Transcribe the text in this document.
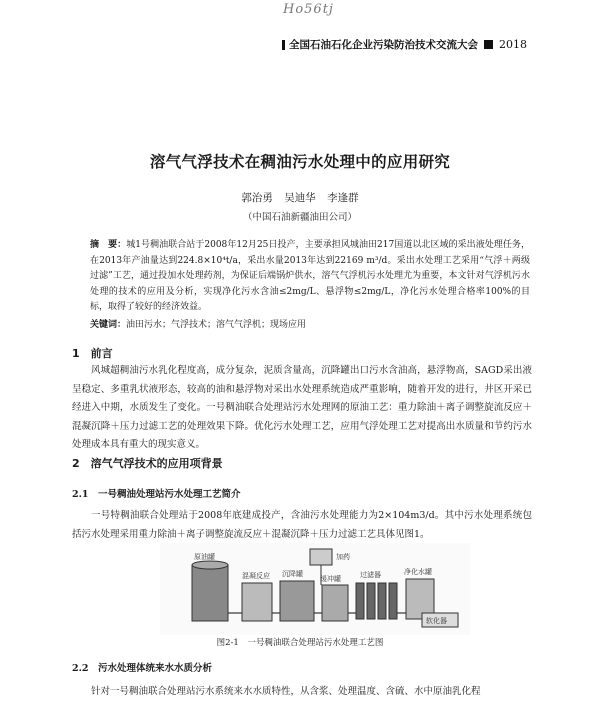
Ho56tj
全国石油石化企业污染防治技术交流大会 2018
溶气气浮技术在稠油污水处理中的应用研究
郭治勇 吴迪华 李逢群
（中国石油新疆油田公司）
摘　要：城1号稠油联合站于2008年12月25日投产，主要承担风城油田217国道以北区域的采出液处理任务，在2013年产油量达到224.8×10⁴t/a，采出水量2013年达到22169 m³/d。采出水处理工艺采用“气浮＋两级过滤”工艺，通过投加水处理药剂，为保证后端锅炉供水，溶气气浮机污水处理尤为重要，本文针对气浮机污水处理的技术的应用及分析，实现净化污水含油≤2mg/L、悬浮物≤2mg/L，净化污水处理合格率100%的目标，取得了较好的经济效益。
关键词：油田污水；气浮技术；溶气气浮机；现场应用
1　前言
风城超稠油污水乳化程度高，成分复杂，泥质含量高，沉降罐出口污水含油高，悬浮物高，SAGD采出液呈稳定、多重乳状液形态，较高的油和悬浮物对采出水处理系统造成严重影响，随着开发的进行，井区开采已经进入中期，水质发生了变化。一号稠油联合处理站污水处理网的原油工艺：重力除油＋离子调整旋流反应＋混凝沉降＋压力过滤工艺的处理效果下降。优化污水处理工艺，应用气浮处理工艺对提高出水质量和节约污水处理成本具有重大的现实意义。
2　溶气气浮技术的应用项背景
2.1　一号稠油处理站污水处理工艺简介
一号特稠油联合处理站于2008年底建成投产，含油污水处理能力为2×104m3/d。其中污水处理系统包括污水处理采用重力除油＋离子调整旋流反应＋混凝沉降＋压力过滤工艺具体见图1。
原油罐
混凝反应 沉降罐
加药
缓冲罐	过滤器	净化水罐
软化器
图2-1　一号稠油联合处理站污水处理工艺图
2.2　污水处理体统来水水质分析
针对一号稠油联合处理站污水系统来水水质特性，从含浆、处理温度、含硫、水中原油乳化程
